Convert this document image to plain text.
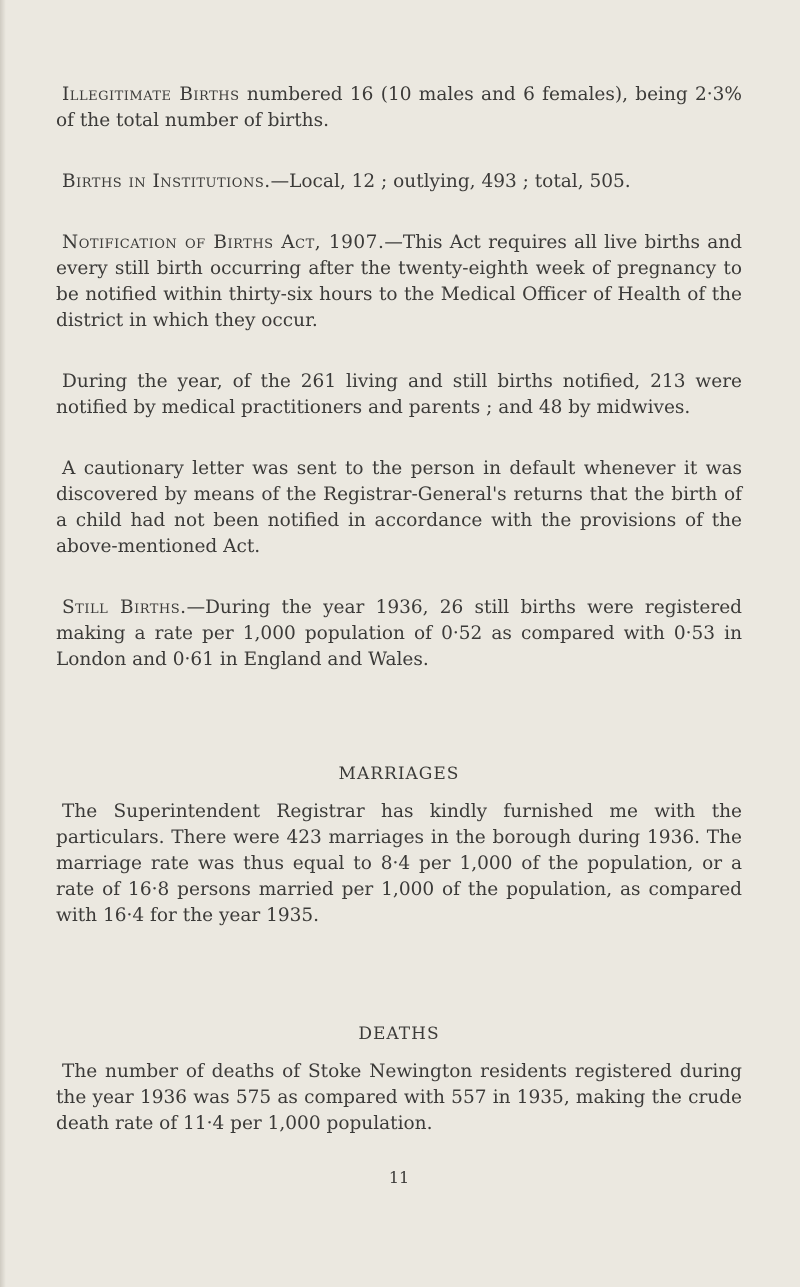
Illegitimate Births numbered 16 (10 males and 6 females), being 2·3% of the total number of births.

Births in Institutions.—Local, 12 ; outlying, 493 ; total, 505.

Notification of Births Act, 1907.—This Act requires all live births and every still birth occurring after the twenty-eighth week of pregnancy to be notified within thirty-six hours to the Medical Officer of Health of the district in which they occur.

During the year, of the 261 living and still births notified, 213 were notified by medical practitioners and parents ; and 48 by midwives.

A cautionary letter was sent to the person in default whenever it was discovered by means of the Registrar-General's returns that the birth of a child had not been notified in accordance with the provisions of the above-mentioned Act.

Still Births.—During the year 1936, 26 still births were registered making a rate per 1,000 population of 0·52 as compared with 0·53 in London and 0·61 in England and Wales.

MARRIAGES

The Superintendent Registrar has kindly furnished me with the particulars. There were 423 marriages in the borough during 1936. The marriage rate was thus equal to 8·4 per 1,000 of the population, or a rate of 16·8 persons married per 1,000 of the population, as compared with 16·4 for the year 1935.

DEATHS

The number of deaths of Stoke Newington residents registered during the year 1936 was 575 as compared with 557 in 1935, making the crude death rate of 11·4 per 1,000 population.

11
